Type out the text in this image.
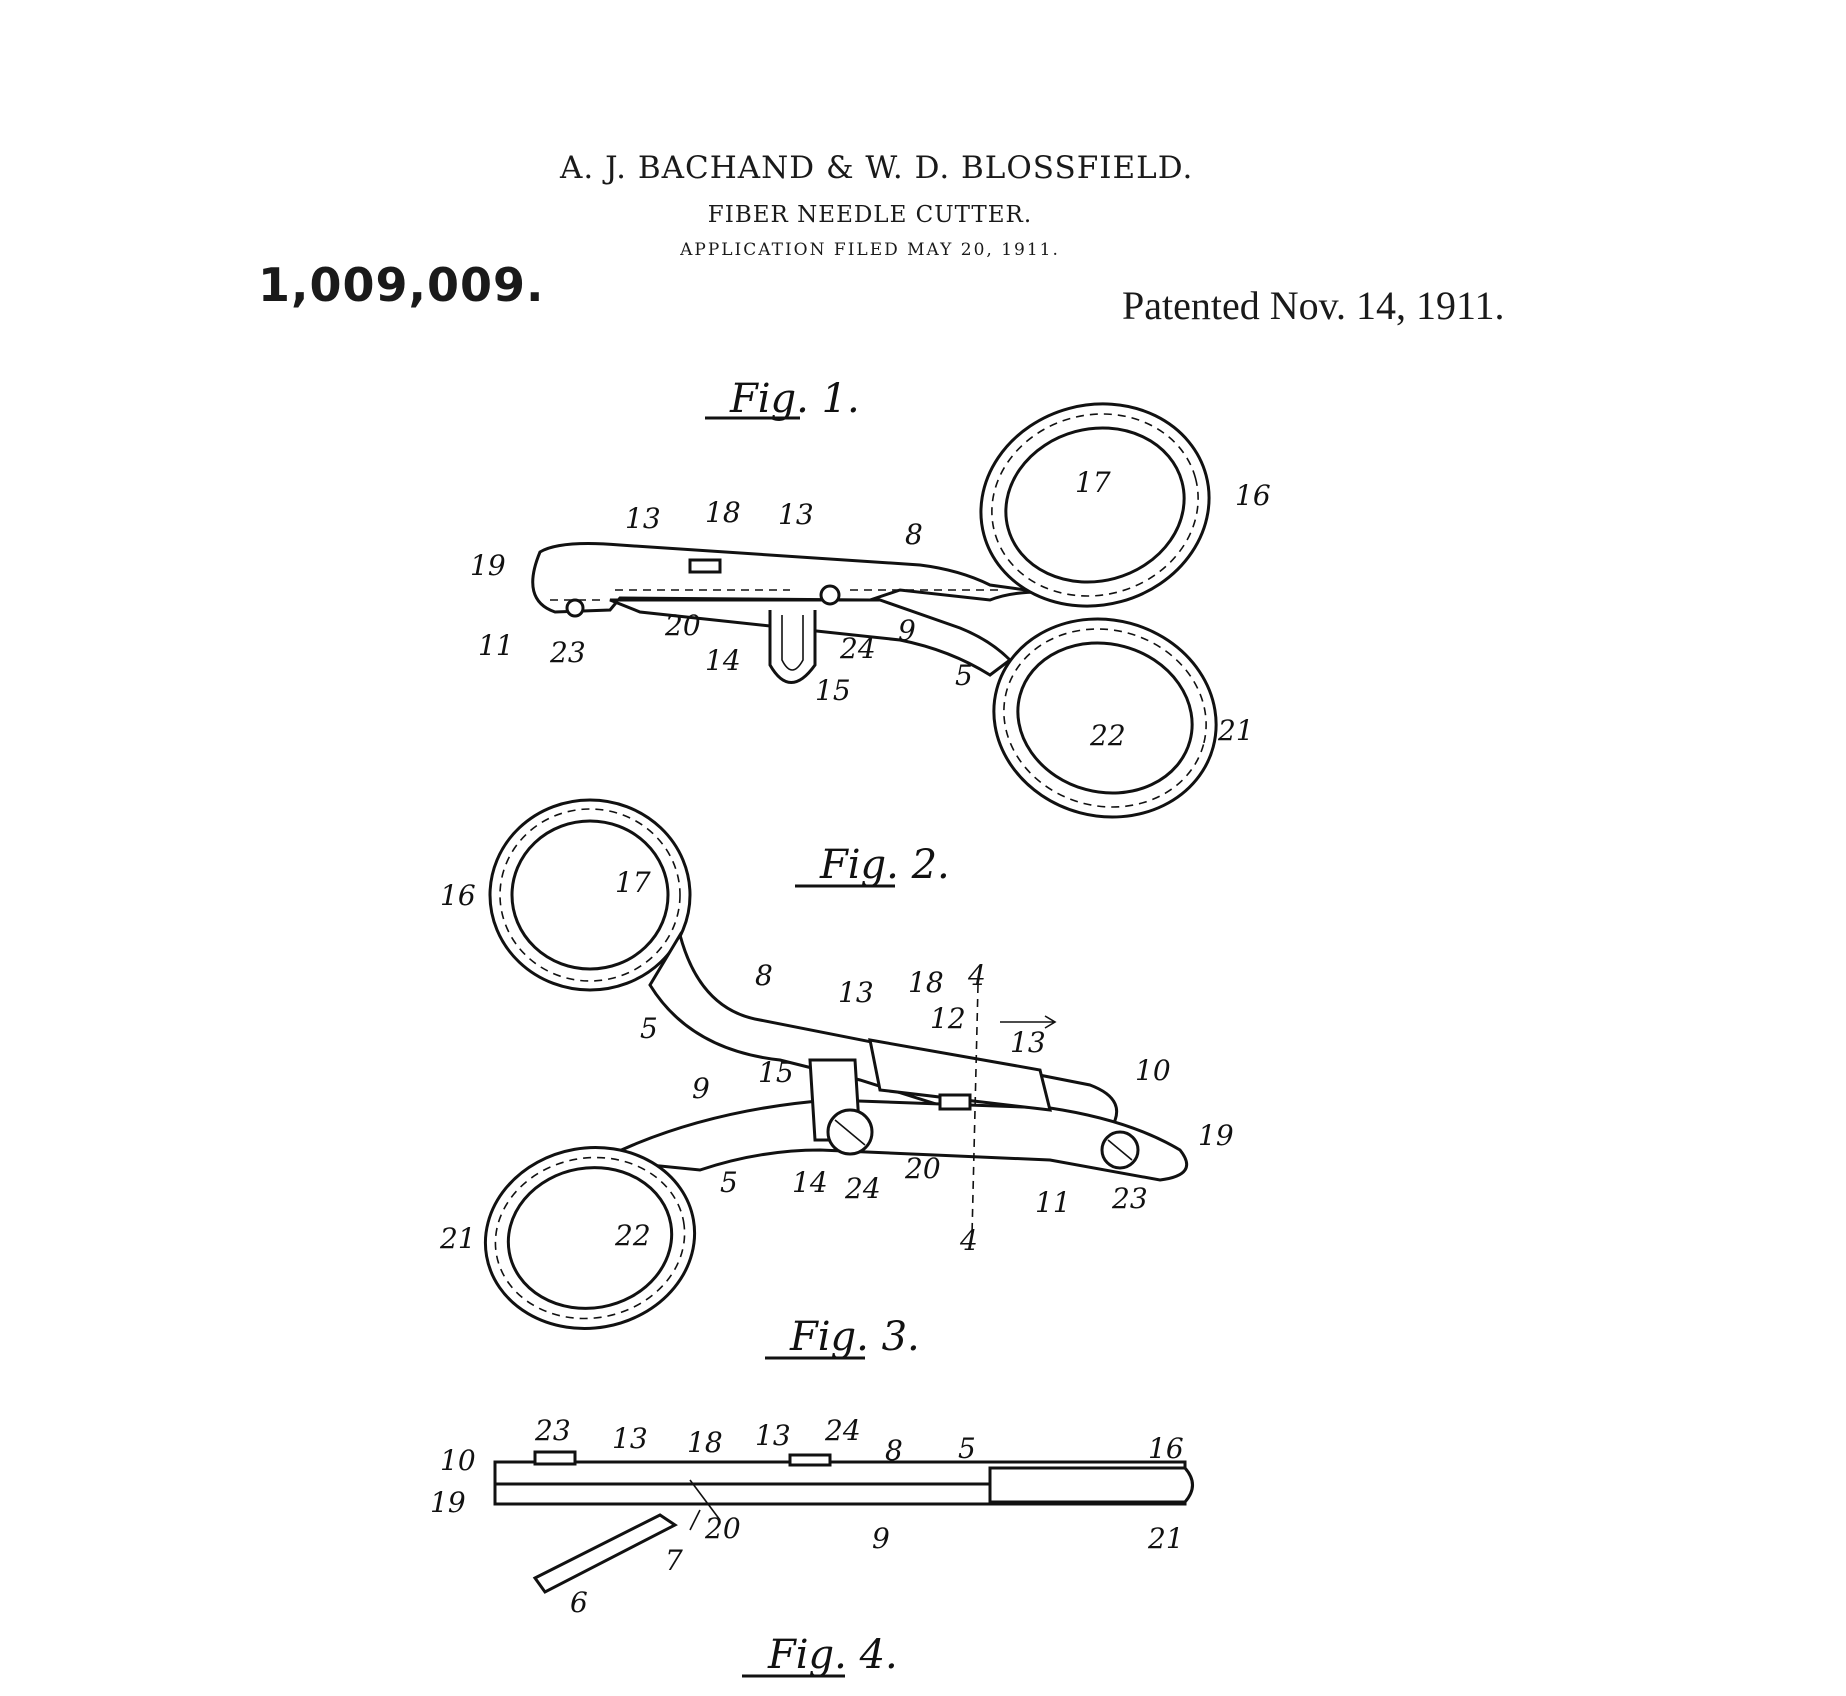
A. J. BACHAND & W. D. BLOSSFIELD.
FIBER NEEDLE CUTTER.
APPLICATION FILED MAY 20, 1911.
1,009,009.	Patented Nov. 14, 1911.
Fig. 1.
13 18 13
8
17	16
19
20
24
9
11 23	14
15	5
22	21
Fig. 2.
16	17
8
13 18 4
12
13
5
15
9
10
19
14 24
20
11 23
5
21	22	4
Fig. 3.
23 13 18 13 24
8 5	16
10
19
20	9	21
7
6
Fig. 4.
